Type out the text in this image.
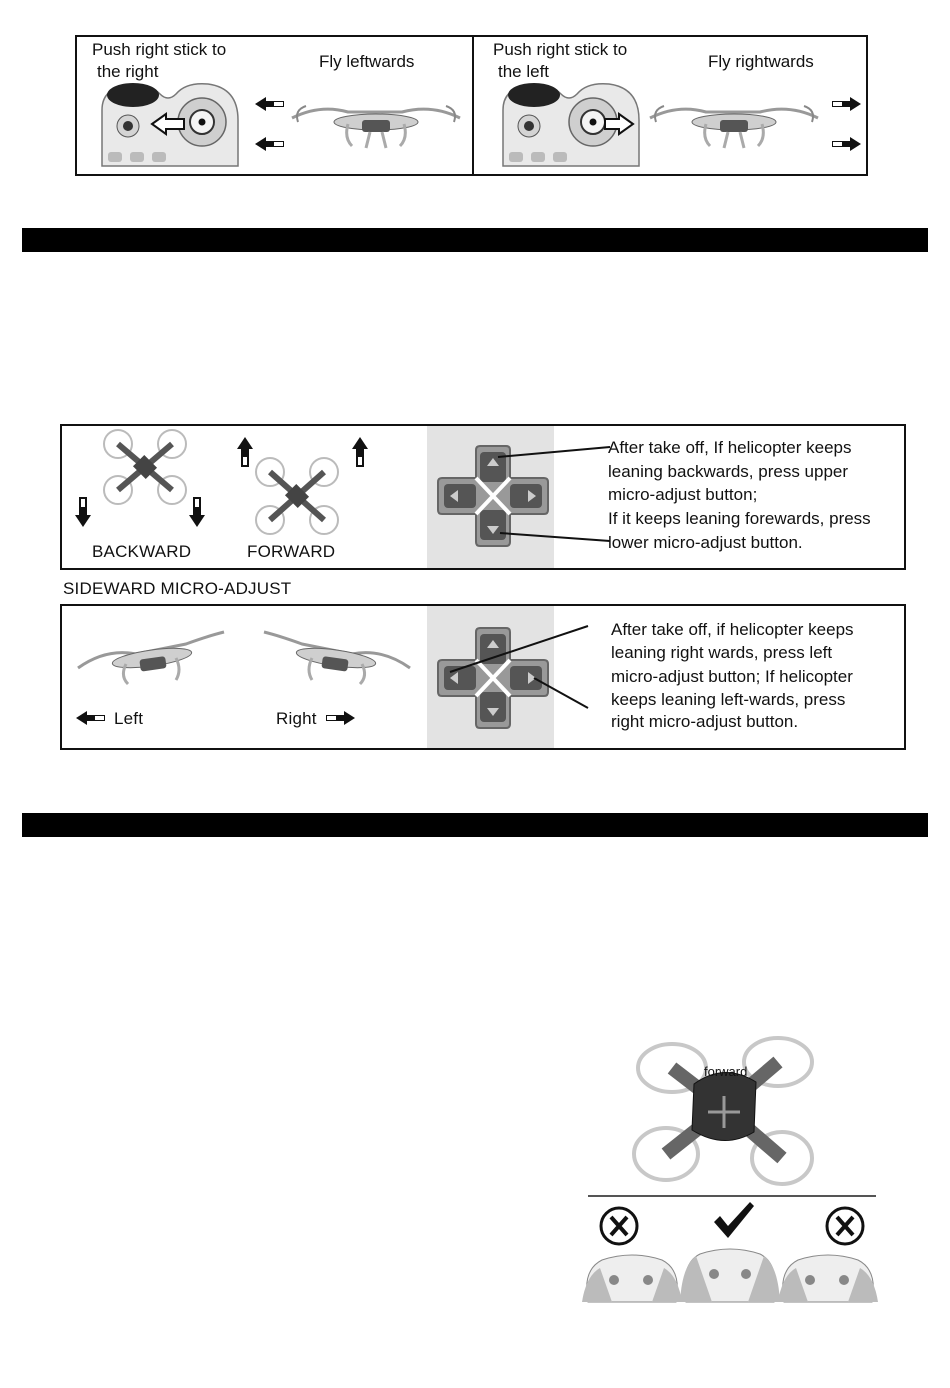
Push right stick to
the right
Fly leftwards
Push right stick to
the left
Fly rightwards
BACKWARD	FORWARD
After take off, If helicopter keeps
leaning backwards, press upper
micro-adjust button;
If it keeps leaning forewards, press
lower micro-adjust button.
SIDEWARD MICRO-ADJUST
Left	Right
After take off, if helicopter keeps
leaning right wards, press left
micro-adjust button; If helicopter
keeps leaning left-wards, press
right micro-adjust button.
forward
